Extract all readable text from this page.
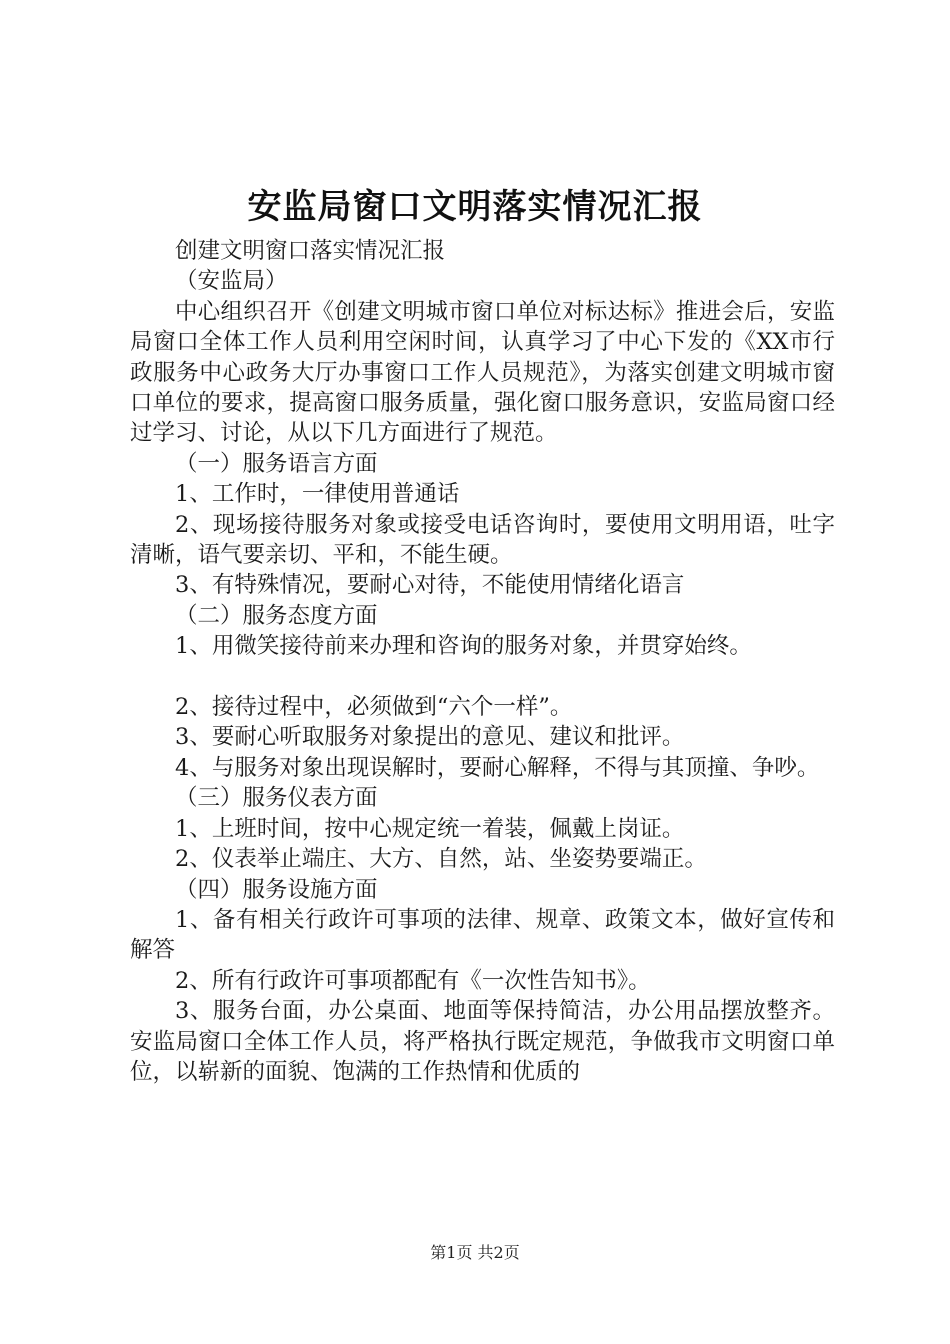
安监局窗口文明落实情况汇报

创建文明窗口落实情况汇报

（安监局）

中心组织召开《创建文明城市窗口单位对标达标》推进会后，安监局窗口全体工作人员利用空闲时间，认真学习了中心下发的《XX市行政服务中心政务大厅办事窗口工作人员规范》，为落实创建文明城市窗口单位的要求，提高窗口服务质量，强化窗口服务意识，安监局窗口经过学习、讨论，从以下几方面进行了规范。

（一）服务语言方面

1、工作时，一律使用普通话

2、现场接待服务对象或接受电话咨询时，要使用文明用语，吐字清晰，语气要亲切、平和，不能生硬。

3、有特殊情况，要耐心对待，不能使用情绪化语言

（二）服务态度方面

1、用微笑接待前来办理和咨询的服务对象，并贯穿始终。

2、接待过程中，必须做到“六个一样”。

3、要耐心听取服务对象提出的意见、建议和批评。

4、与服务对象出现误解时，要耐心解释，不得与其顶撞、争吵。

（三）服务仪表方面

1、上班时间，按中心规定统一着装，佩戴上岗证。

2、仪表举止端庄、大方、自然，站、坐姿势要端正。

（四）服务设施方面

1、备有相关行政许可事项的法律、规章、政策文本，做好宣传和解答

2、所有行政许可事项都配有《一次性告知书》。

3、服务台面，办公桌面、地面等保持简洁，办公用品摆放整齐。安监局窗口全体工作人员，将严格执行既定规范，争做我市文明窗口单位，以崭新的面貌、饱满的工作热情和优质的

第1页 共2页
